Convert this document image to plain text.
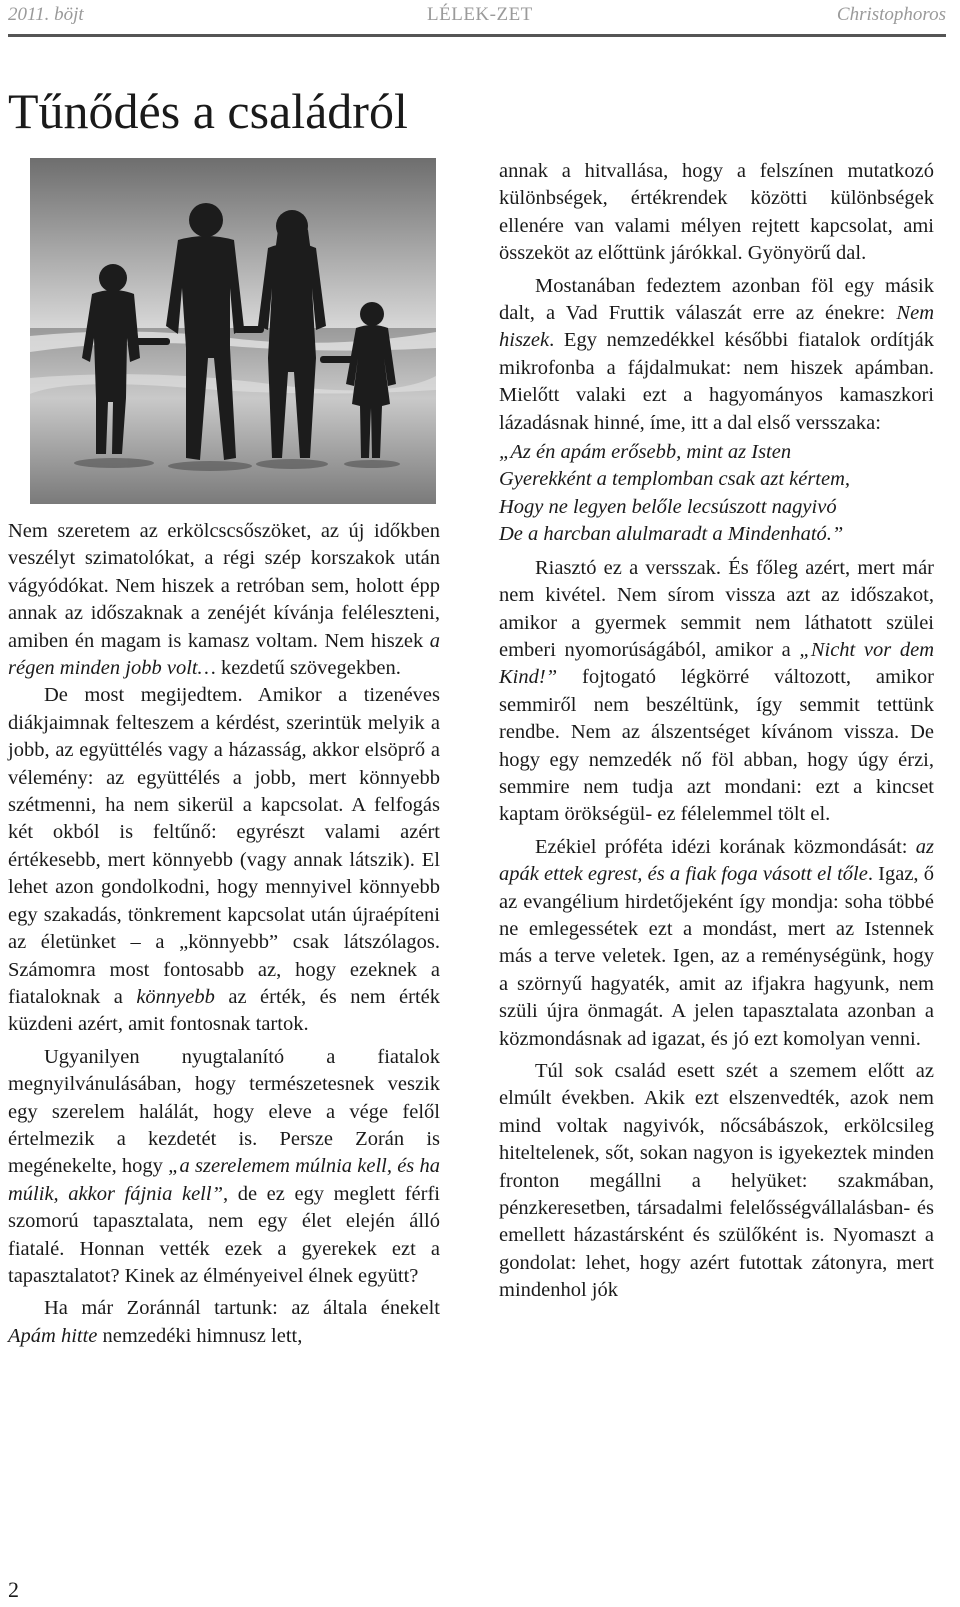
2011. böjt	LÉLEK-ZET	Christophoros
Tűnődés a családról

Nem szeretem az erkölcscsőszöket, az új időkben veszélyt szimatolókat, a régi szép korszakok után vágyódókat. Nem hiszek a retróban sem, holott épp annak az időszaknak a zenéjét kívánja feléleszteni, amiben én magam is kamasz voltam. Nem hiszek a régen minden jobb volt… kezdetű szövegekben.

De most megijedtem. Amikor a tizenéves diákjaimnak felteszem a kérdést, szerintük melyik a jobb, az együttélés vagy a házasság, akkor elsöprő a vélemény: az együttélés a jobb, mert könnyebb szétmenni, ha nem sikerül a kapcsolat. A felfogás két okból is feltűnő: egyrészt valami azért értékesebb, mert könnyebb (vagy annak látszik). El lehet azon gondolkodni, hogy mennyivel könnyebb egy szakadás, tönkrement kapcsolat után újraépíteni az életünket – a „könnyebb” csak látszólagos. Számomra most fontosabb az, hogy ezeknek a fiataloknak a könnyebb az érték, és nem érték küzdeni azért, amit fontosnak tartok.

Ugyanilyen nyugtalanító a fiatalok megnyilvánulásában, hogy természetesnek veszik egy szerelem halálát, hogy eleve a vége felől értelmezik a kezdetét is. Persze Zorán is megénekelte, hogy „a szerelemem múlnia kell, és ha múlik, akkor fájnia kell”, de ez egy meglett férfi szomorú tapasztalata, nem egy élet elején álló fiatalé. Honnan vették ezek a gyerekek ezt a tapasztalatot? Kinek az élményeivel élnek együtt?

Ha már Zoránnál tartunk: az általa énekelt Apám hitte nemzedéki himnusz lett,

annak a hitvallása, hogy a felszínen mutatkozó különbségek, értékrendek közötti különbségek ellenére van valami mélyen rejtett kapcsolat, ami összeköt az előttünk járókkal. Gyönyörű dal.

Mostanában fedeztem azonban föl egy másik dalt, a Vad Fruttik válaszát erre az énekre: Nem hiszek. Egy nemzedékkel későbbi fiatalok ordítják mikrofonba a fájdalmukat: nem hiszek apámban. Mielőtt valaki ezt a hagyományos kamaszkori lázadásnak hinné, íme, itt a dal első versszaka:

„Az én apám erősebb, mint az Isten
Gyerekként a templomban csak azt kértem,
Hogy ne legyen belőle lecsúszott nagyivó
De a harcban alulmaradt a Mindenható.”

Riasztó ez a versszak. És főleg azért, mert már nem kivétel. Nem sírom vissza azt az időszakot, amikor a gyermek semmit nem láthatott szülei emberi nyomorúságából, amikor a „Nicht vor dem Kind!” fojtogató légkörré változott, amikor semmiről nem beszéltünk, így semmit tettünk rendbe. Nem az álszentséget kívánom vissza. De hogy egy nemzedék nő föl abban, hogy úgy érzi, semmire nem tudja azt mondani: ezt a kincset kaptam örökségül- ez félelemmel tölt el.

Ezékiel próféta idézi korának közmondását: az apák ettek egrest, és a fiak foga vásott el tőle. Igaz, ő az evangélium hirdetőjeként így mondja: soha többé ne emlegessétek ezt a mondást, mert az Istennek más a terve veletek. Igen, az a reménységünk, hogy a szörnyű hagyaték, amit az ifjakra hagyunk, nem szüli újra önmagát. A jelen tapasztalata azonban a közmondásnak ad igazat, és jó ezt komolyan venni.

Túl sok család esett szét a szemem előtt az elmúlt években. Akik ezt elszenvedték, azok nem mind voltak nagyivók, nőcsábászok, erkölcsileg hiteltelenek, sőt, sokan nagyon is igyekeztek minden fronton megállni a helyüket: szakmában, pénzkeresetben, társadalmi felelősségvállalásban- és emellett házastársként és szülőként is. Nyomaszt a gondolat: lehet, hogy azért futottak zátonyra, mert mindenhol jók

2
